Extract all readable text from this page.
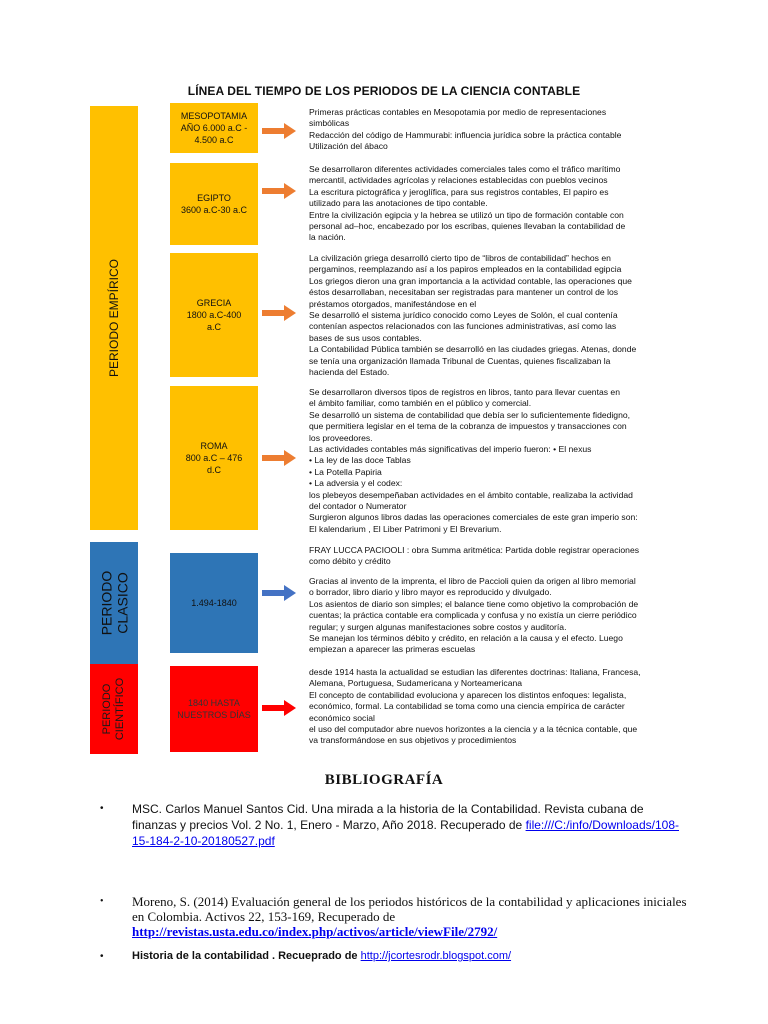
LÍNEA DEL TIEMPO DE LOS PERIODOS DE LA CIENCIA CONTABLE
PERIODO EMPÍRICO
PERIODO CLASICO
PERIODO CIENTÍFICO
MESOPOTAMIA
AÑO 6.000 a.C -
4.500 a.C
EGIPTO
3600 a.C-30 a.C
GRECIA
1800 a.C-400
a.C
ROMA
800 a.C – 476
d.C
1.494-1840
1840 HASTA
NUESTROS DÍAS

Primeras prácticas contables en Mesopotamia por medio de representaciones

simbólicas

Redacción del código de Hammurabi: influencia jurídica sobre la práctica contable

Utilización del ábaco

Se desarrollaron diferentes actividades comerciales tales como el tráfico marítimo

mercantil, actividades agrícolas y relaciones establecidas con pueblos vecinos

La escritura pictográfica y jeroglífica, para sus registros contables, El papiro es

utilizado para las anotaciones de tipo contable.

Entre la civilización egipcia y la hebrea se utilizó un tipo de formación contable con

personal ad–hoc, encabezado por los escribas, quienes llevaban la contabilidad de

la nación.

La civilización griega desarrolló cierto tipo de “libros de contabilidad” hechos en

pergaminos, reemplazando así a los papiros empleados en la contabilidad egipcia

Los griegos dieron una gran importancia a la actividad contable, las operaciones que

éstos desarrollaban, necesitaban ser registradas para mantener un control de los

préstamos otorgados, manifestándose en el

Se desarrolló el sistema jurídico conocido como Leyes de Solón, el cual contenía

contenían aspectos relacionados con las funciones administrativas, así como las

bases de sus usos contables.

La Contabilidad Pública también se desarrolló en las ciudades griegas. Atenas, donde

se tenía una organización llamada Tribunal de Cuentas, quienes fiscalizaban la

hacienda del Estado.

Se desarrollaron diversos tipos de registros en libros, tanto para llevar cuentas en

el ámbito familiar, como también en el público y comercial.

Se desarrolló un sistema de contabilidad que debía ser lo suficientemente fidedigno,

que permitiera legislar en el tema de la cobranza de impuestos y transacciones con

los proveedores.

Las actividades contables más significativas del imperio fueron: • El nexus

• La ley de las doce Tablas

• La Potella Papiria

• La adversia y el codex:

los plebeyos desempeñaban actividades en el ámbito contable, realizaba la actividad

del contador o Numerator

Surgieron algunos libros dadas las operaciones comerciales de este gran imperio son:

El kalendarium , El Liber Patrimoni y El Brevarium.

FRAY LUCCA PACIOOLI : obra Summa aritmética: Partida doble registrar operaciones

como débito y crédito

Gracias al invento de la imprenta, el libro de Paccioli quien da origen al libro memorial

o borrador, libro diario y libro mayor es reproducido y divulgado.

Los asientos de diario son simples; el balance tiene como objetivo la comprobación de

cuentas; la práctica contable era complicada y confusa y no existía un cierre periódico

regular; y surgen algunas manifestaciones sobre costos y auditoría.

Se manejan los términos débito y crédito, en relación a la causa y el efecto. Luego

empiezan a aparecer las primeras escuelas

desde 1914 hasta la actualidad se estudian las diferentes doctrinas: Italiana, Francesa,

Alemana, Portuguesa, Sudamericana y Norteamericana

El concepto de contabilidad evoluciona y aparecen los distintos enfoques: legalista,

económico, formal. La contabilidad se toma como una ciencia empírica de carácter

económico social

el uso del computador abre nuevos horizontes a la ciencia y a la técnica contable, que

va transformándose en sus objetivos y procedimientos

BIBLIOGRAFÍA
• MSC. Carlos Manuel Santos Cid. Una mirada a la historia de la Contabilidad. Revista cubana de finanzas y precios Vol. 2 No. 1, Enero - Marzo, Año 2018. Recuperado de file:///C:/info/Downloads/108-15-184-2-10-20180527.pdf
• Moreno, S. (2014) Evaluación general de los periodos históricos de la contabilidad y aplicaciones iniciales en Colombia. Activos 22, 153-169, Recuperado de http://revistas.usta.edu.co/index.php/activos/article/viewFile/2792/
•	Historia de la contabilidad . Recueprado de http://jcortesrodr.blogspot.com/
